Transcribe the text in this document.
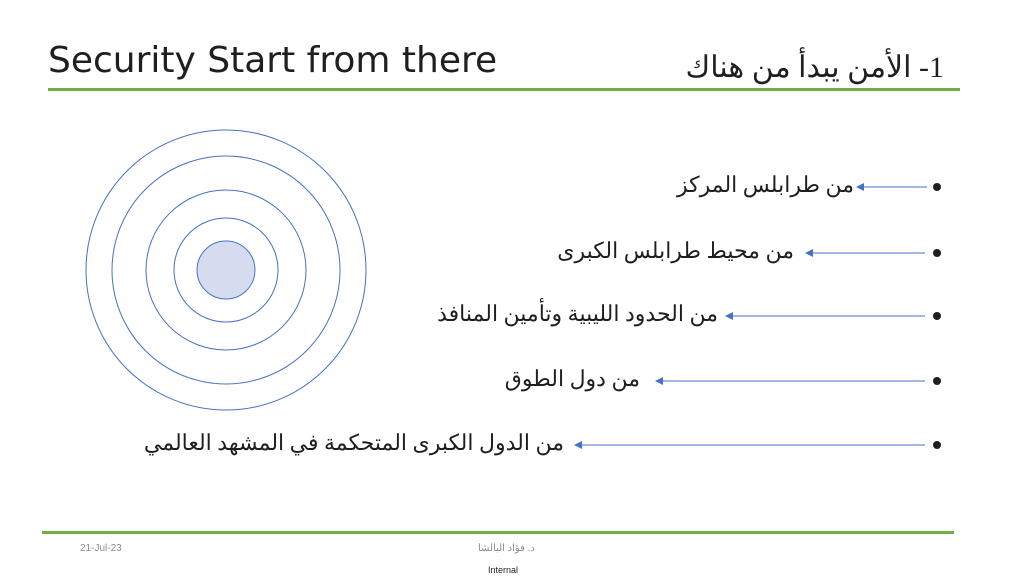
Security Start from there	1- الأمن يبدأ من هناك
من طرابلس المركز
من محيط طرابلس الكبرى
من الحدود الليبية وتأمين المنافذ
من دول الطوق
من الدول الكبرى المتحكمة في المشهد العالمي
21-Jul-23	د. فؤاد البالشا
Internal
